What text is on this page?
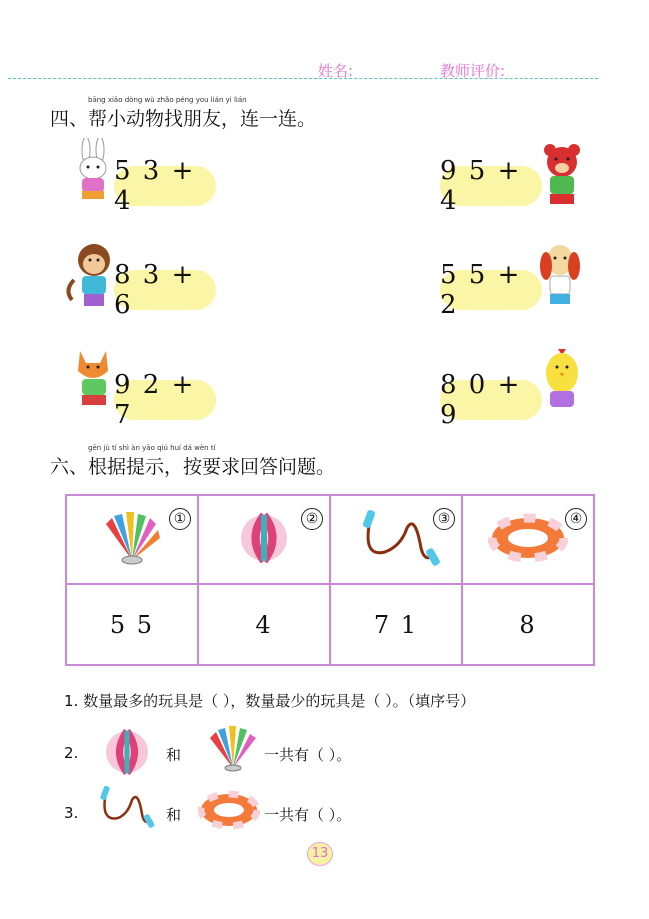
姓名:	教师评价:
bāng xiǎo dòng wù zhǎo péng you lián yi lián
四、帮小动物找朋友，连一连。
5 3 + 4
8 3 + 6
9 2 + 7
9 5 + 4
5 5 + 2
8 0 + 9
gēn jù tí shì àn yāo qiú huí dá wèn tí
六、根据提示，按要求回答问题。
①	②	③	④

5 5	4	7 1	8
1. 数量最多的玩具是（ ），数量最少的玩具是（ ）。（填序号）
2.	和	一共有（ ）。
3.	和	一共有（ ）。
13
